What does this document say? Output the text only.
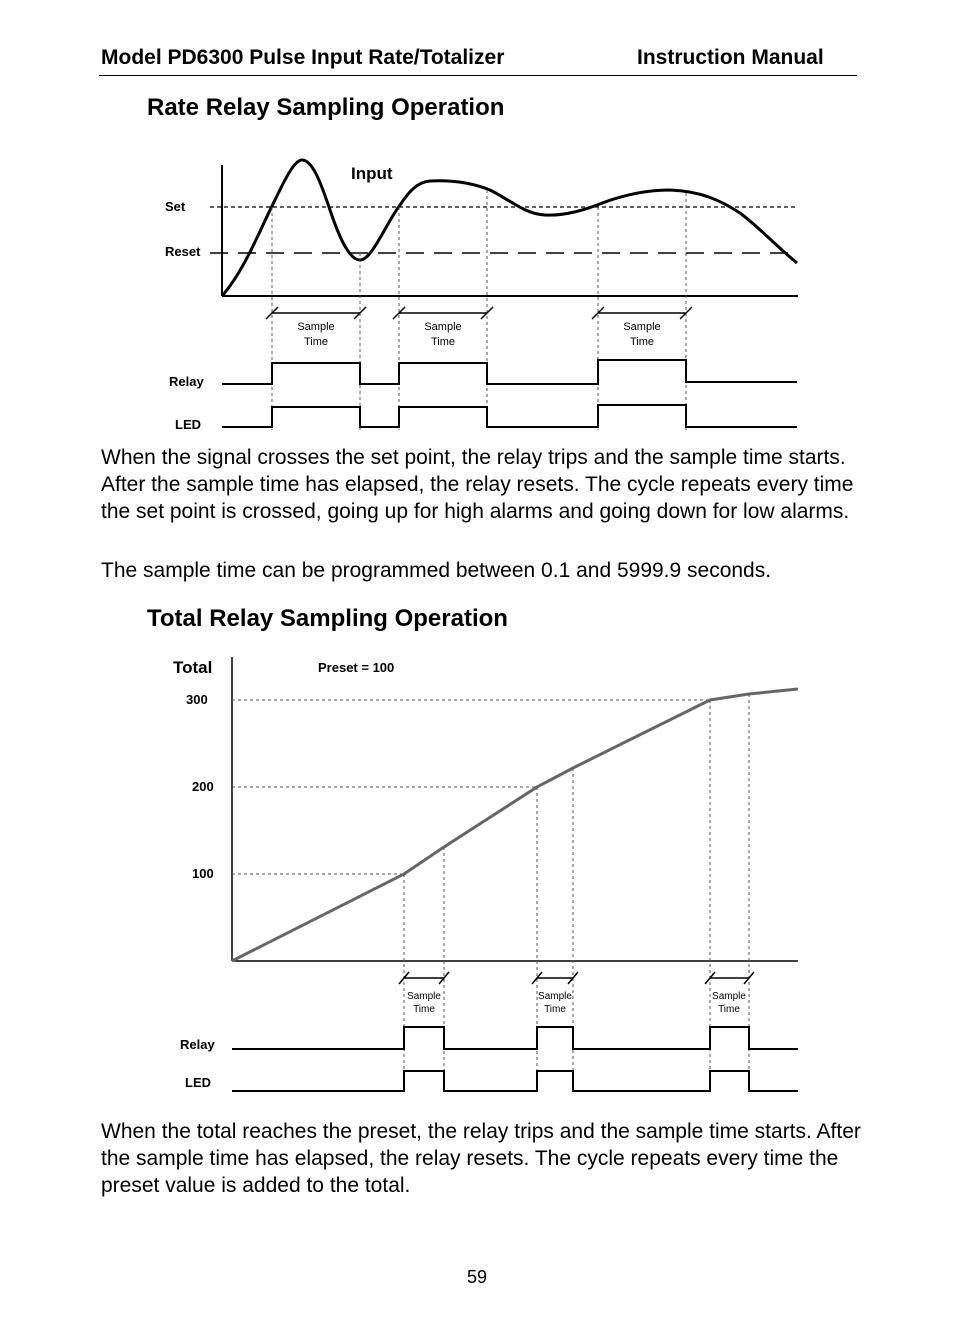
Model PD6300 Pulse Input Rate/Totalizer	Instruction Manual
Rate Relay Sampling Operation
Set
Reset
Input
Sample
Time
Sample
Time
Sample
Time
Relay
LED
When the signal crosses the set point, the relay trips and the sample time starts. After the sample time has elapsed, the relay resets. The cycle repeats every time the set point is crossed, going up for high alarms and going down for low alarms.
The sample time can be programmed between 0.1 and 5999.9 seconds.
Total Relay Sampling Operation
Total	Preset = 100
300
200
100
Sample
Time
Sample
Time
Sample
Time
Relay
LED
When the total reaches the preset, the relay trips and the sample time starts. After the sample time has elapsed, the relay resets. The cycle repeats every time the preset value is added to the total.
59
